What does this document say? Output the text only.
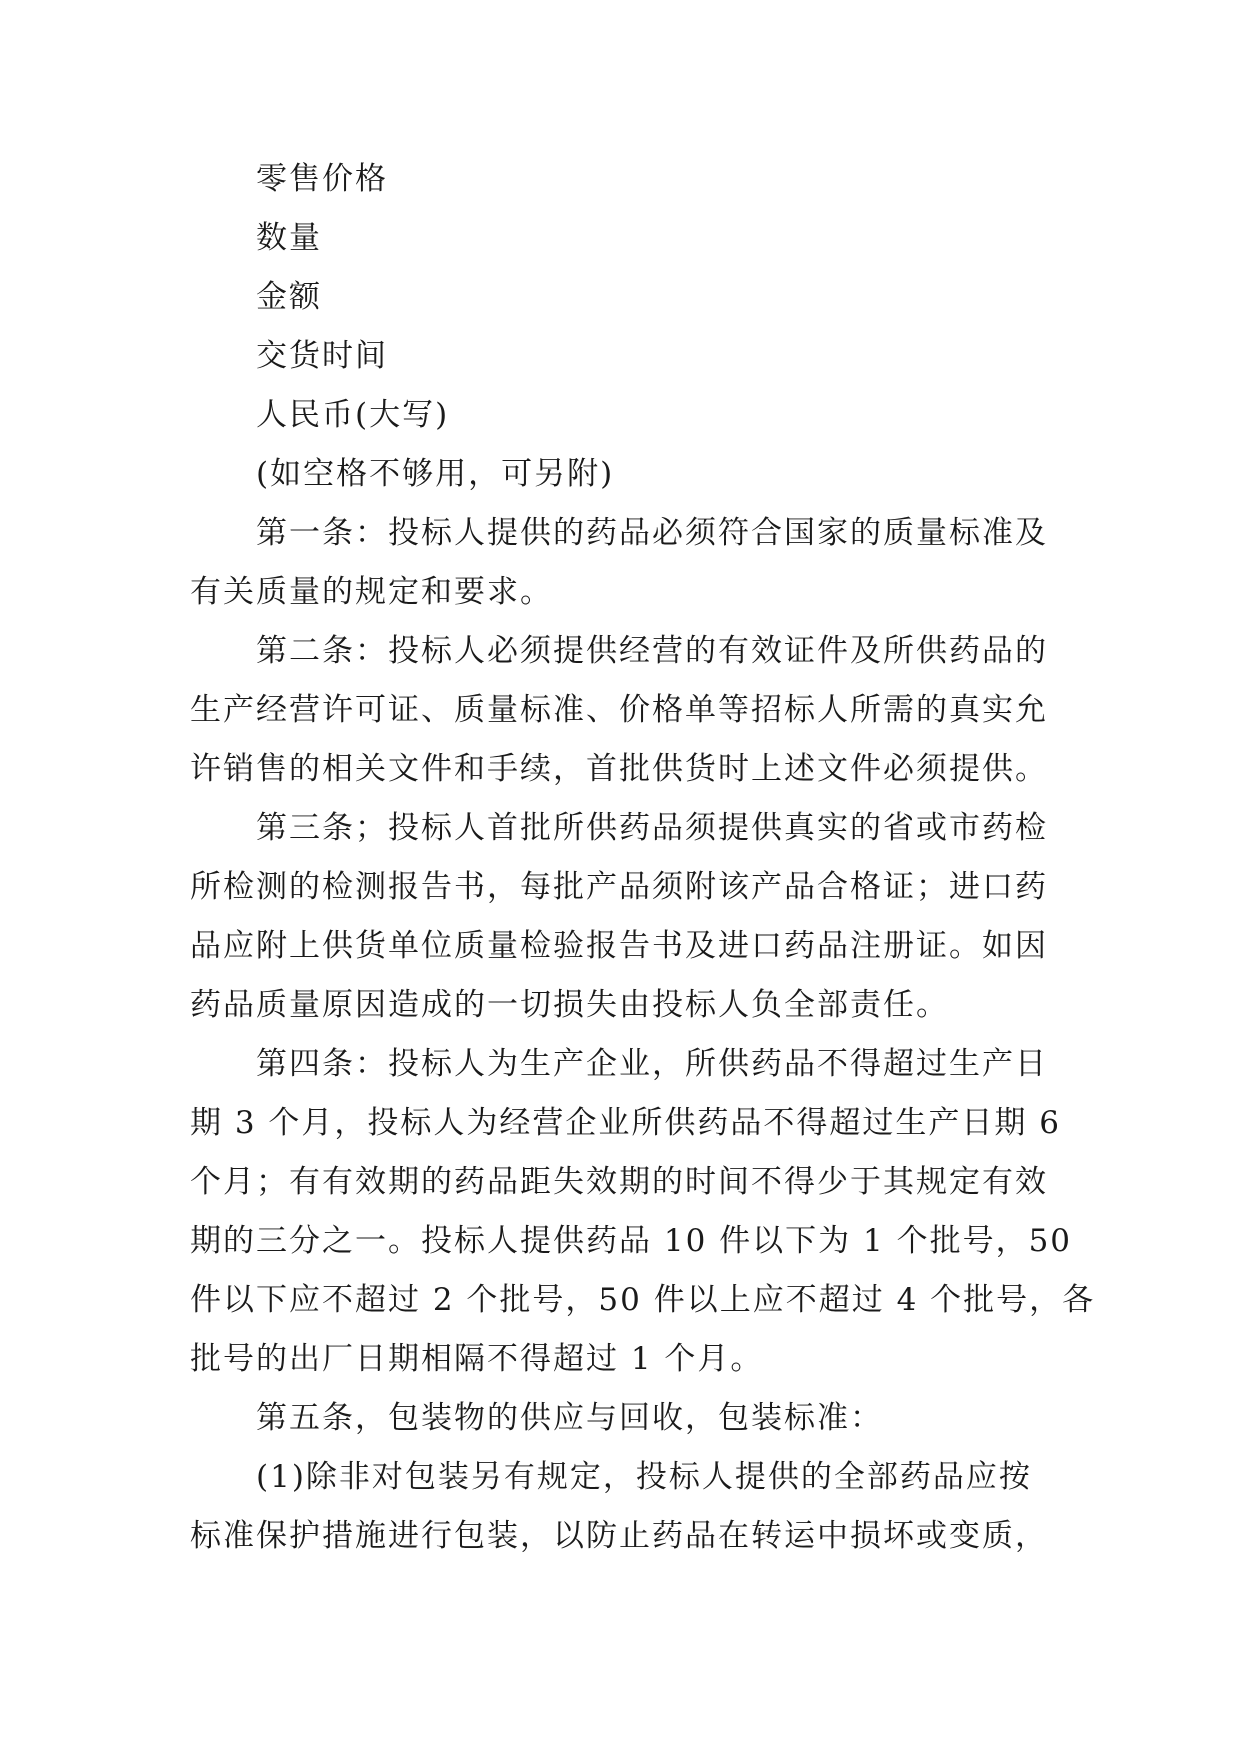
零售价格

数量

金额

交货时间

人民币(大写)

(如空格不够用，可另附)

第一条：投标人提供的药品必须符合国家的质量标准及

有关质量的规定和要求。

第二条：投标人必须提供经营的有效证件及所供药品的

生产经营许可证、质量标准、价格单等招标人所需的真实允

许销售的相关文件和手续，首批供货时上述文件必须提供。

第三条；投标人首批所供药品须提供真实的省或市药检

所检测的检测报告书，每批产品须附该产品合格证；进口药

品应附上供货单位质量检验报告书及进口药品注册证。如因

药品质量原因造成的一切损失由投标人负全部责任。

第四条：投标人为生产企业，所供药品不得超过生产日

期 3 个月，投标人为经营企业所供药品不得超过生产日期 6

个月；有有效期的药品距失效期的时间不得少于其规定有效

期的三分之一。投标人提供药品 10 件以下为 1 个批号，50

件以下应不超过 2 个批号，50 件以上应不超过 4 个批号，各

批号的出厂日期相隔不得超过 1 个月。

第五条，包装物的供应与回收，包装标准：

(1)除非对包装另有规定，投标人提供的全部药品应按

标准保护措施进行包装，以防止药品在转运中损坏或变质，
